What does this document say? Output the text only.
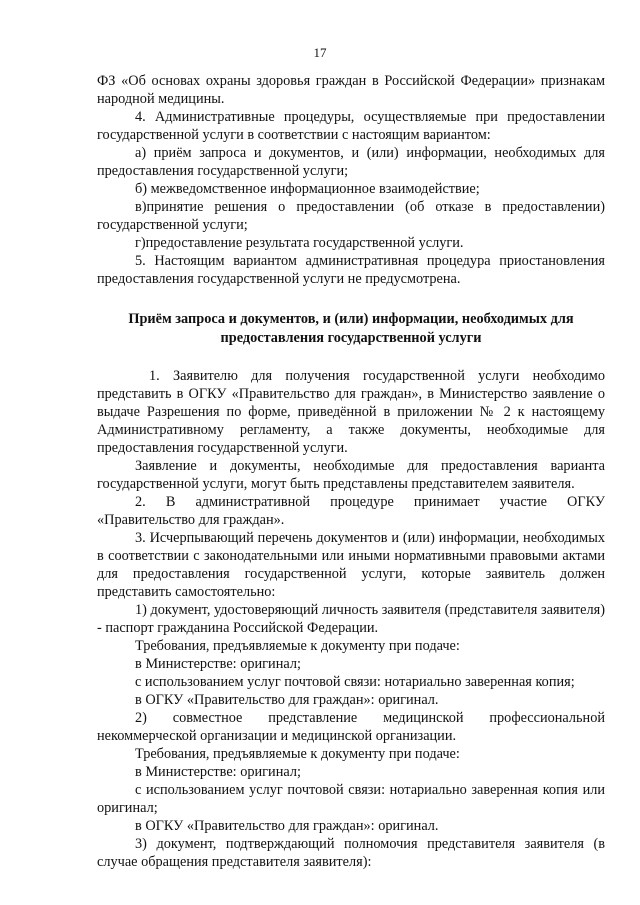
17

ФЗ «Об основах охраны здоровья граждан в Российской Федерации» признакам народной медицины.

4. Административные процедуры, осуществляемые при предоставлении государственной услуги в соответствии с настоящим вариантом:

а) приём запроса и документов, и (или) информации, необходимых для предоставления государственной услуги;

б) межведомственное информационное взаимодействие;

в)принятие решения о предоставлении (об отказе в предоставлении) государственной услуги;

г)предоставление результата государственной услуги.

5. Настоящим вариантом административная процедура приостановления предоставления государственной услуги не предусмотрена.

Приём запроса и документов, и (или) информации, необходимых для предоставления государственной услуги

1. Заявителю для получения государственной услуги необходимо представить в ОГКУ «Правительство для граждан», в Министерство заявление о выдаче Разрешения по форме, приведённой в приложении № 2 к настоящему Административному регламенту, а также документы, необходимые для предоставления государственной услуги.

Заявление и документы, необходимые для предоставления варианта государственной услуги, могут быть представлены представителем заявителя.

2. В административной процедуре принимает участие ОГКУ «Правительство для граждан».

3. Исчерпывающий перечень документов и (или) информации, необходимых в соответствии с законодательными или иными нормативными правовыми актами для предоставления государственной услуги, которые заявитель должен представить самостоятельно:

1) документ, удостоверяющий личность заявителя (представителя заявителя) - паспорт гражданина Российской Федерации.

Требования, предъявляемые к документу при подаче:

в Министерстве: оригинал;

с использованием услуг почтовой связи: нотариально заверенная копия;

в ОГКУ «Правительство для граждан»: оригинал.

2) совместное представление медицинской профессиональной некоммерческой организации и медицинской организации.

Требования, предъявляемые к документу при подаче:

в Министерстве: оригинал;

с использованием услуг почтовой связи: нотариально заверенная копия или оригинал;

в ОГКУ «Правительство для граждан»: оригинал.

3) документ, подтверждающий полномочия представителя заявителя (в случае обращения представителя заявителя):
